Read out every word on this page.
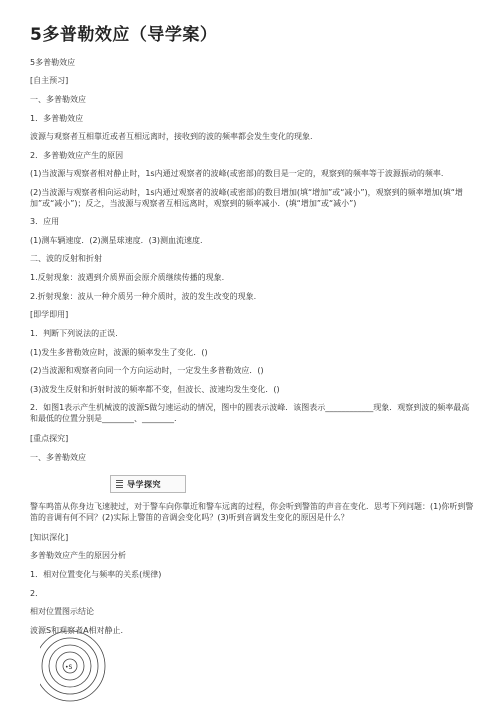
5多普勒效应（导学案）
5多普勒效应
[自主预习]
一、多普勒效应
1．多普勒效应
波源与观察者互相靠近或者互相远离时，接收到的波的频率都会发生变化的现象.
2．多普勒效应产生的原因
(1)当波源与观察者相对静止时，1s内通过观察者的波峰(或密部)的数目是一定的，观察到的频率等于波源振动的频率.
(2)当波源与观察者相向运动时，1s内通过观察者的波峰(或密部)的数目增加(填“增加”或“减小”)，观察到的频率增加(填“增加”或“减小”)；反之，当波源与观察者互相远离时，观察到的频率减小．(填“增加”或“减小”)
3．应用
(1)测车辆速度．(2)测星球速度．(3)测血流速度.
二、波的反射和折射
1.反射现象：波遇到介质界面会原介质继续传播的现象.
2.折射现象：波从一种介质另一种介质时，波的发生改变的现象.
[即学即用]
1．判断下列说法的正误.
(1)发生多普勒效应时，波源的频率发生了变化．()
(2)当波源和观察者向同一个方向运动时，一定发生多普勒效应．()
(3)波发生反射和折射时波的频率都不变，但波长、波速均发生变化．()
2．如图1表示产生机械波的波源S做匀速运动的情况，图中的圆表示波峰．该图表示____________现象．观察到波的频率最高和最低的位置分别是________、________.
[重点探究]
一、多普勒效应
导学探究
警车鸣笛从你身边飞速驶过，对于警车向你靠近和警车远离的过程，你会听到警笛的声音在变化．思考下列问题：(1)你听到警笛的音调有何不同？(2)实际上警笛的音调会变化吗？(3)听到音调发生变化的原因是什么？
[知识深化]
多普勒效应产生的原因分析
1．相对位置变化与频率的关系(规律)
2．
相对位置图示结论
波源S和观察者A相对静止.
•S
